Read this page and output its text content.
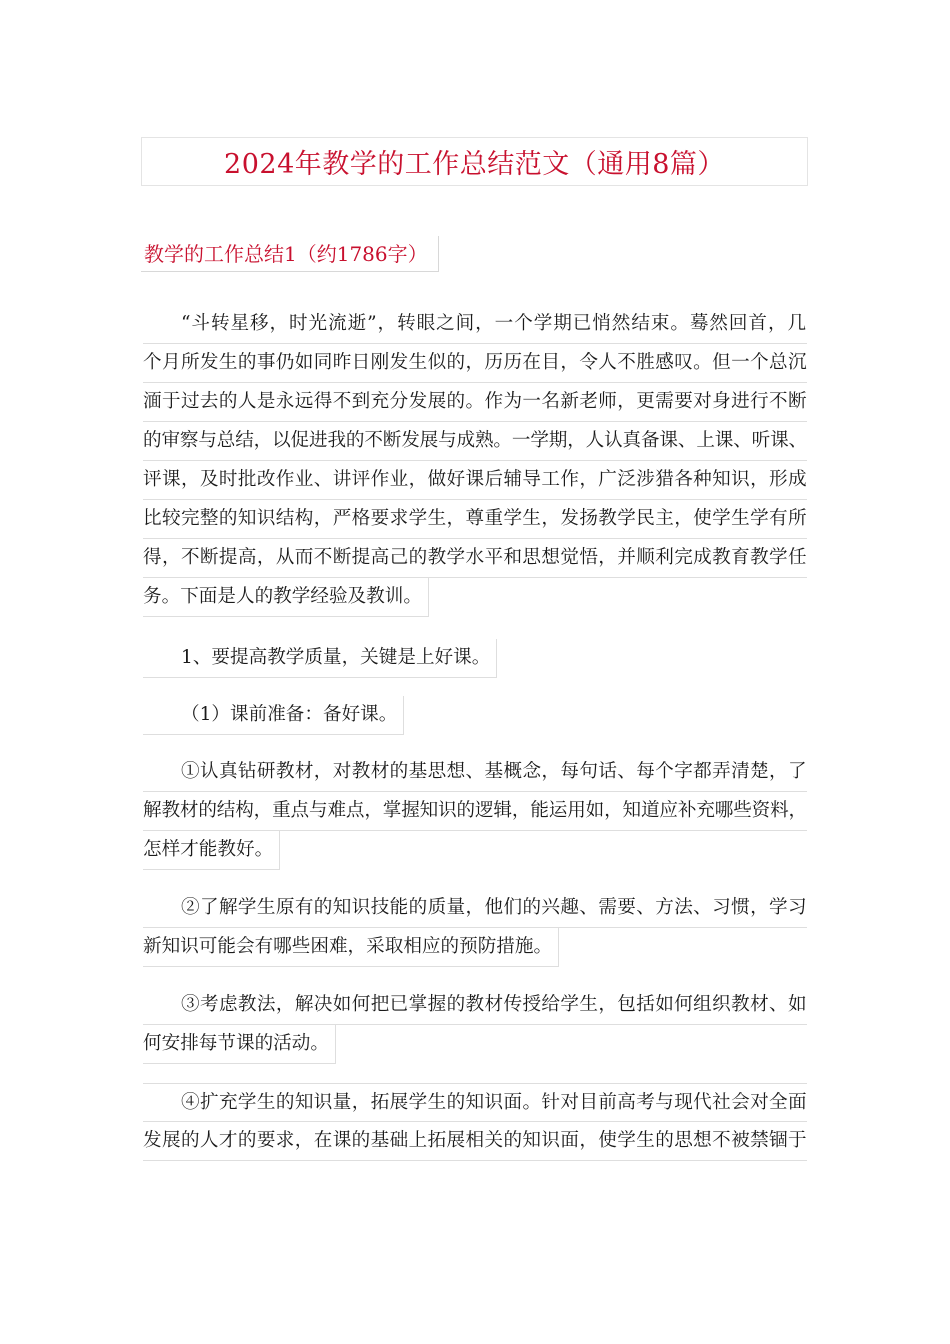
2024年教学的工作总结范文（通用8篇）
教学的工作总结1（约1786字）
“斗转星移，时光流逝”，转眼之间，一个学期已悄然结束。蓦然回首，几
个月所发生的事仍如同昨日刚发生似的，历历在目，令人不胜感叹。但一个总沉
湎于过去的人是永远得不到充分发展的。作为一名新老师，更需要对身进行不断
的审察与总结，以促进我的不断发展与成熟。一学期，人认真备课、上课、听课、
评课，及时批改作业、讲评作业，做好课后辅导工作，广泛涉猎各种知识，形成
比较完整的知识结构，严格要求学生，尊重学生，发扬教学民主，使学生学有所
得，不断提高，从而不断提高己的教学水平和思想觉悟，并顺利完成教育教学任
务。下面是人的教学经验及教训。
1、要提高教学质量，关键是上好课。
（1）课前准备：备好课。
①认真钻研教材，对教材的基思想、基概念，每句话、每个字都弄清楚，了
解教材的结构，重点与难点，掌握知识的逻辑，能运用如，知道应补充哪些资料，
怎样才能教好。
②了解学生原有的知识技能的质量，他们的兴趣、需要、方法、习惯，学习
新知识可能会有哪些困难，采取相应的预防措施。
③考虑教法，解决如何把已掌握的教材传授给学生，包括如何组织教材、如
何安排每节课的活动。
④扩充学生的知识量，拓展学生的知识面。针对目前高考与现代社会对全面
发展的人才的要求，在课的基础上拓展相关的知识面，使学生的思想不被禁锢于
